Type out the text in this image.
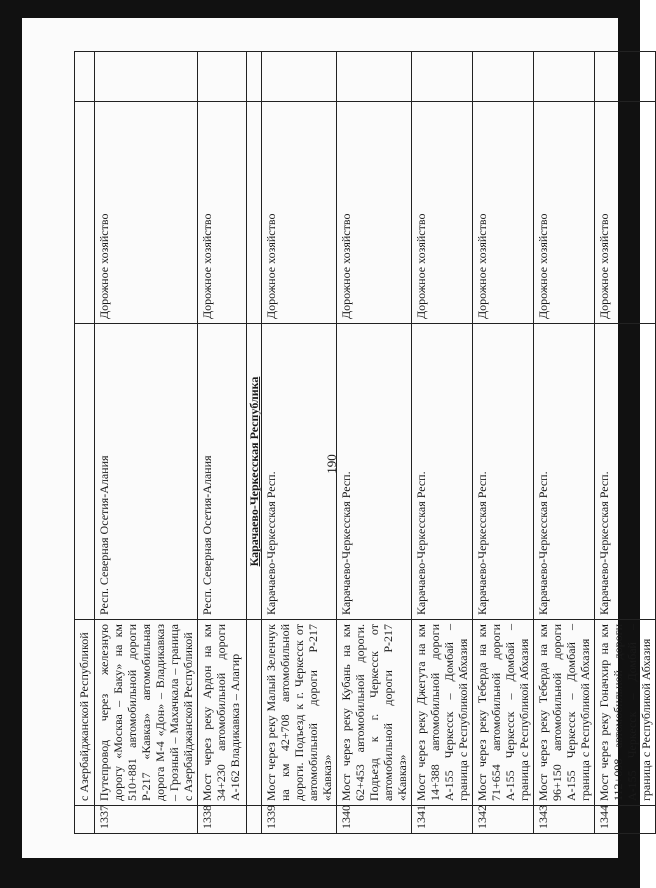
190
	с Азербайджанской Республикой			
1337	Путепровод через железную дорогу «Москва – Баку» на км 510+881 автомобильной дороги Р-217 «Кавказ» автомобильная дорога М-4 «Дон» – Владикавказ – Грозный – Махачкала – граница с Азербайджанской Республикой	Респ. Северная Осетия-Алания	Дорожное хозяйство	
1338	Мост через реку Ардон на км 34+230 автомобильной дороги А-162 Владикавказ – Алагир	Респ. Северная Осетия-Алания	Дорожное хозяйство	
		Карачаево-Черкесская Республика		
1339	Мост через реку Малый Зеленчук на км 42+708 автомобильной дороги. Подъезд к г. Черкесск от автомобильной дороги Р-217 «Кавказ»	Карачаево-Черкесская Респ.	Дорожное хозяйство	
1340	Мост через реку Кубань на км 62+453 автомобильной дороги. Подъезд к г. Черкесск от автомобильной дороги Р-217 «Кавказ»	Карачаево-Черкесская Респ.	Дорожное хозяйство	
1341	Мост через реку Джегута на км 14+388 автомобильной дороги А-155 Черкесск – Домбай – граница с Республикой Абхазия	Карачаево-Черкесская Респ.	Дорожное хозяйство	
1342	Мост через реку Теберда на км 71+654 автомобильной дороги А-155 Черкесск – Домбай – граница с Республикой Абхазия	Карачаево-Черкесская Респ.	Дорожное хозяйство	
1343	Мост через реку Теберда на км 96+150 автомобильной дороги А-155 Черкесск – Домбай – граница с Республикой Абхазия	Карачаево-Черкесская Респ.	Дорожное хозяйство	
1344	Мост через реку Гоначхир на км 112+098 автомобильной дороги А-155 Черкесск – Домбай – граница с Республикой Абхазия	Карачаево-Черкесская Респ.	Дорожное хозяйство	
